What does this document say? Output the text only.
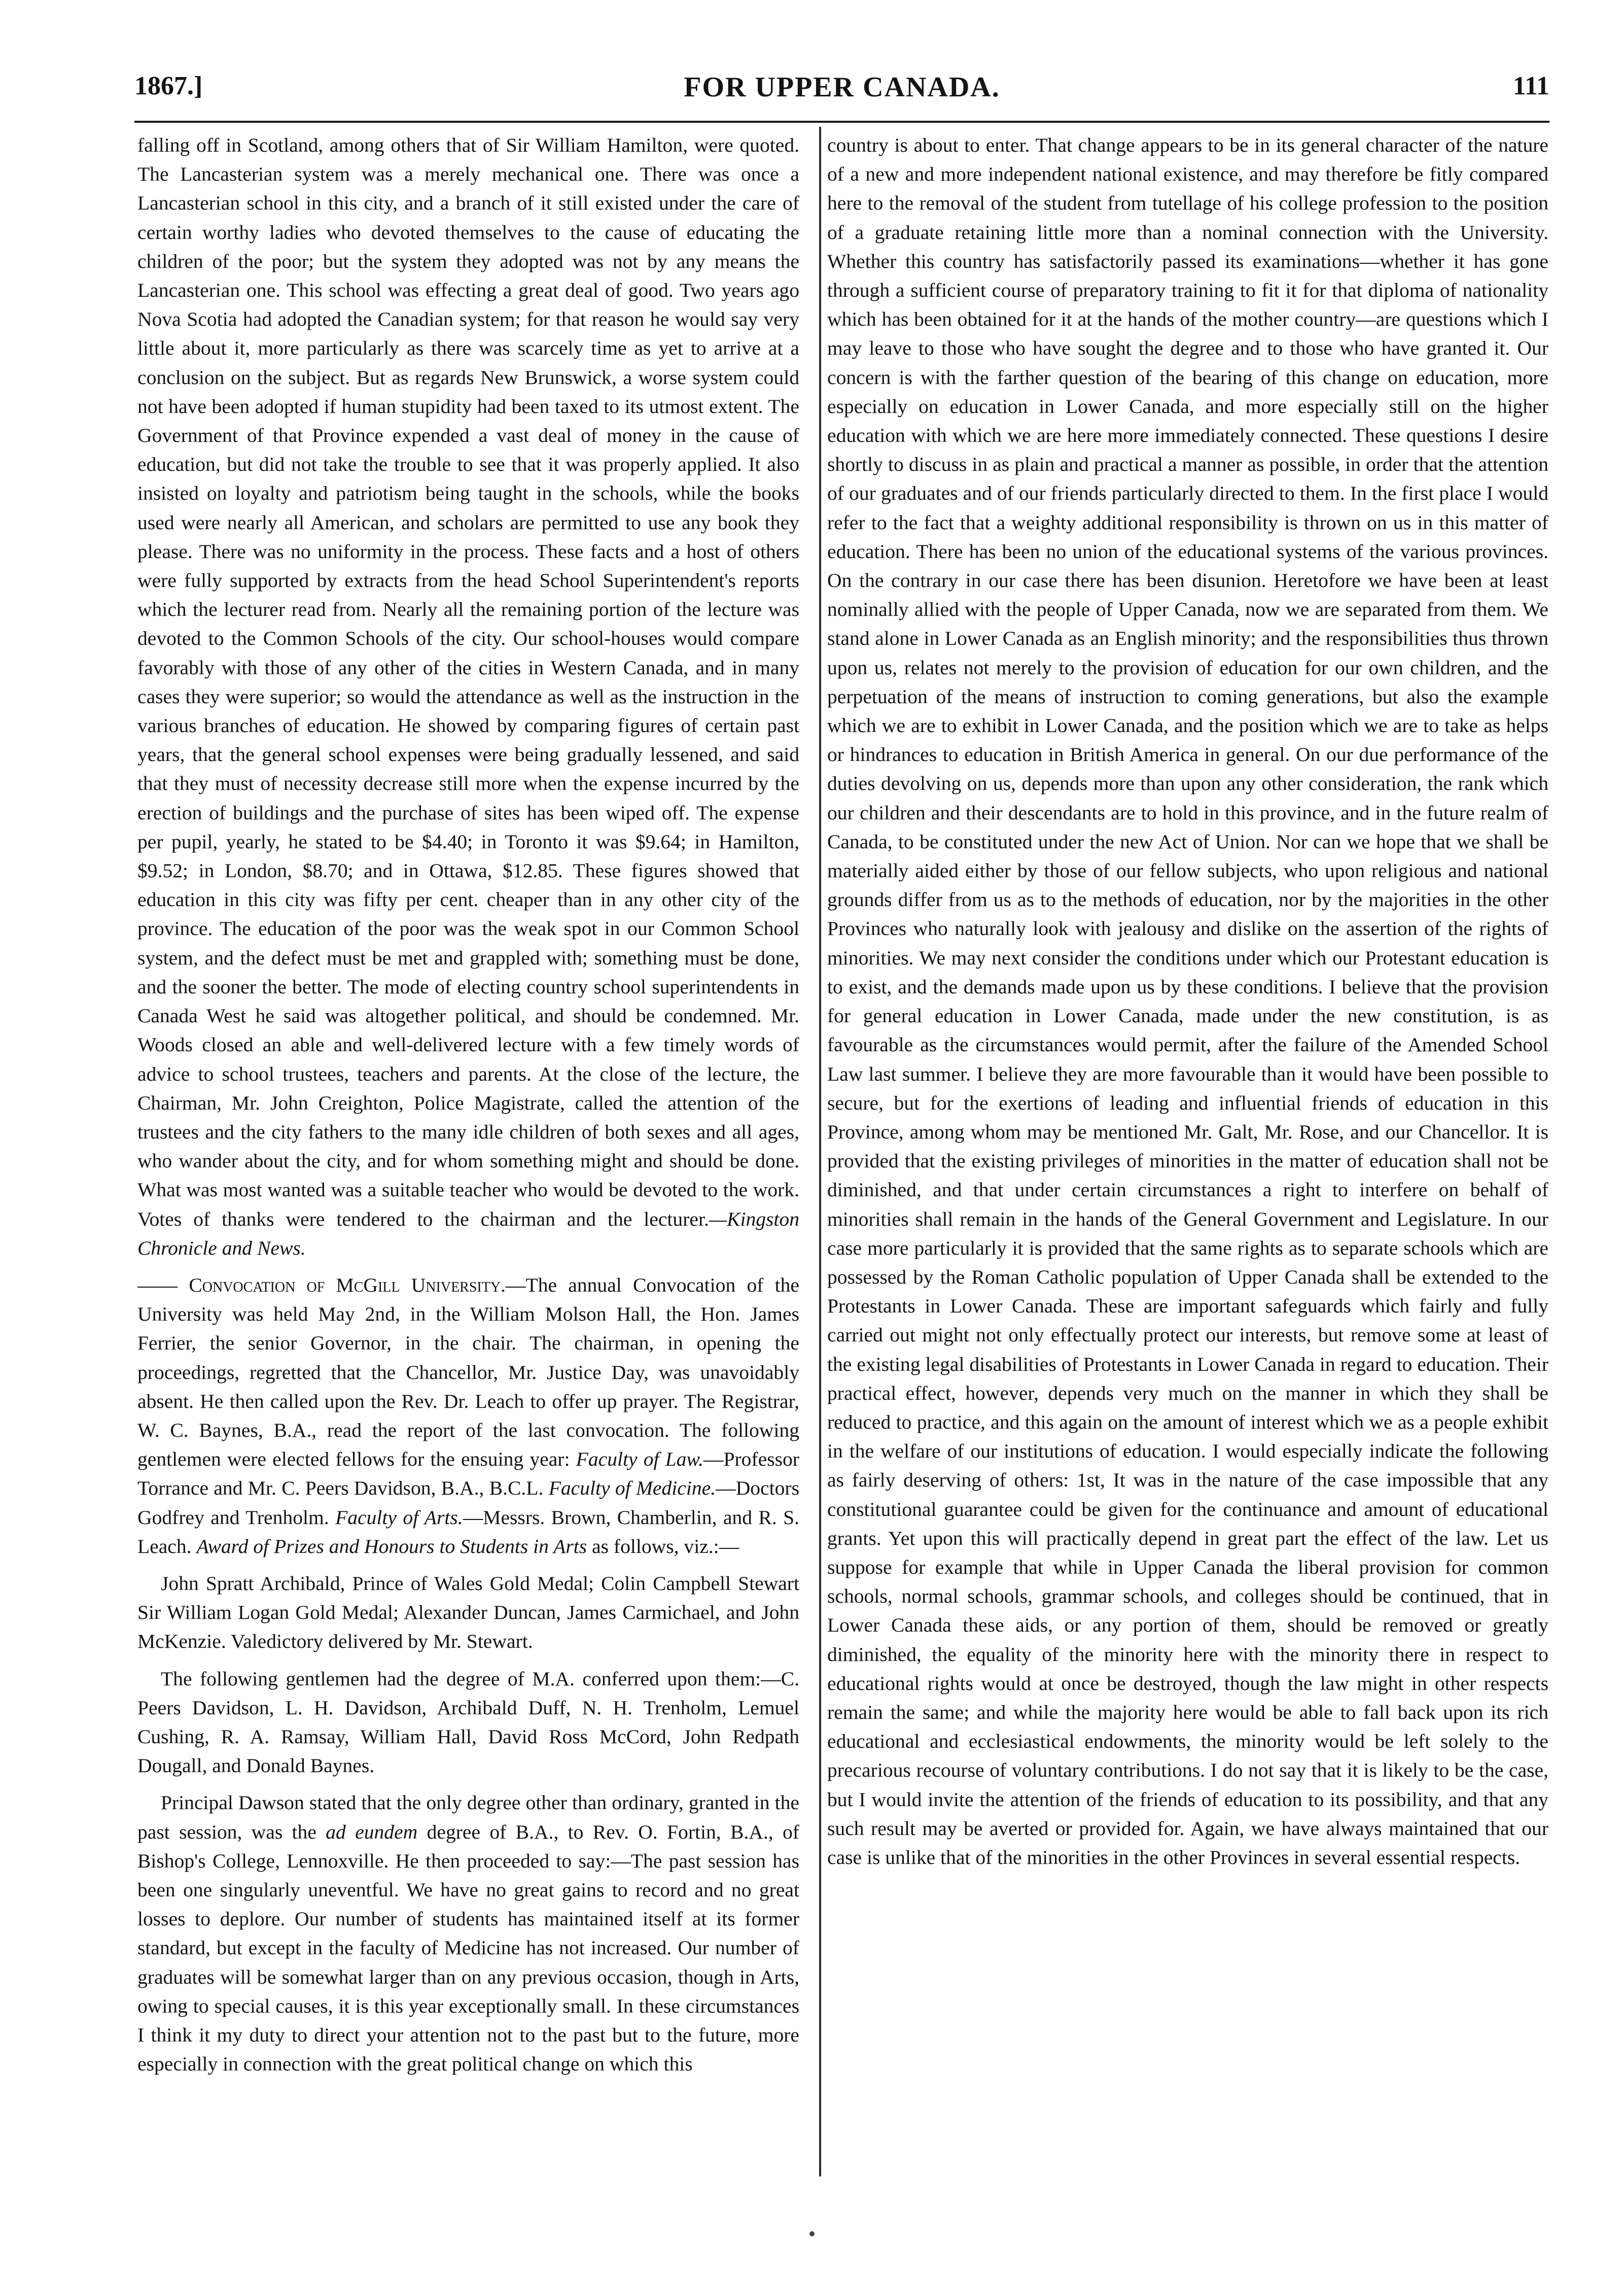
1867.]	FOR UPPER CANADA.	111

falling off in Scotland, among others that of Sir William Hamilton, were quoted. The Lancasterian system was a merely mechanical one. There was once a Lancasterian school in this city, and a branch of it still existed under the care of certain worthy ladies who devoted themselves to the cause of educating the children of the poor; but the system they adopted was not by any means the Lancasterian one. This school was effecting a great deal of good. Two years ago Nova Scotia had adopted the Canadian system; for that reason he would say very little about it, more particularly as there was scarcely time as yet to arrive at a conclusion on the subject. But as regards New Brunswick, a worse system could not have been adopted if human stupidity had been taxed to its utmost extent. The Government of that Province expended a vast deal of money in the cause of education, but did not take the trouble to see that it was properly applied. It also insisted on loyalty and patriotism being taught in the schools, while the books used were nearly all American, and scholars are permitted to use any book they please. There was no uniformity in the process. These facts and a host of others were fully supported by extracts from the head School Superintendent's reports which the lecturer read from. Nearly all the remaining portion of the lecture was devoted to the Common Schools of the city. Our school-houses would compare favorably with those of any other of the cities in Western Canada, and in many cases they were superior; so would the attendance as well as the instruction in the various branches of education. He showed by comparing figures of certain past years, that the general school expenses were being gradually lessened, and said that they must of necessity decrease still more when the expense incurred by the erection of buildings and the purchase of sites has been wiped off. The expense per pupil, yearly, he stated to be $4.40; in Toronto it was $9.64; in Hamilton, $9.52; in London, $8.70; and in Ottawa, $12.85. These figures showed that education in this city was fifty per cent. cheaper than in any other city of the province. The education of the poor was the weak spot in our Common School system, and the defect must be met and grappled with; something must be done, and the sooner the better. The mode of electing country school superintendents in Canada West he said was altogether political, and should be condemned. Mr. Woods closed an able and well-delivered lecture with a few timely words of advice to school trustees, teachers and parents. At the close of the lecture, the Chairman, Mr. John Creighton, Police Magistrate, called the attention of the trustees and the city fathers to the many idle children of both sexes and all ages, who wander about the city, and for whom something might and should be done. What was most wanted was a suitable teacher who would be devoted to the work. Votes of thanks were tendered to the chairman and the lecturer.—Kingston Chronicle and News.

—— Convocation of McGill University.—The annual Convocation of the University was held May 2nd, in the William Molson Hall, the Hon. James Ferrier, the senior Governor, in the chair. The chairman, in opening the proceedings, regretted that the Chancellor, Mr. Justice Day, was unavoidably absent. He then called upon the Rev. Dr. Leach to offer up prayer. The Registrar, W. C. Baynes, B.A., read the report of the last convocation. The following gentlemen were elected fellows for the ensuing year: Faculty of Law.—Professor Torrance and Mr. C. Peers Davidson, B.A., B.C.L. Faculty of Medicine.—Doctors Godfrey and Trenholm. Faculty of Arts.—Messrs. Brown, Chamberlin, and R. S. Leach. Award of Prizes and Honours to Students in Arts as follows, viz.:—

John Spratt Archibald, Prince of Wales Gold Medal; Colin Campbell Stewart Sir William Logan Gold Medal; Alexander Duncan, James Carmichael, and John McKenzie. Valedictory delivered by Mr. Stewart.

The following gentlemen had the degree of M.A. conferred upon them:—C. Peers Davidson, L. H. Davidson, Archibald Duff, N. H. Trenholm, Lemuel Cushing, R. A. Ramsay, William Hall, David Ross McCord, John Redpath Dougall, and Donald Baynes.

Principal Dawson stated that the only degree other than ordinary, granted in the past session, was the ad eundem degree of B.A., to Rev. O. Fortin, B.A., of Bishop's College, Lennoxville. He then proceeded to say:—The past session has been one singularly uneventful. We have no great gains to record and no great losses to deplore. Our number of students has maintained itself at its former standard, but except in the faculty of Medicine has not increased. Our number of graduates will be somewhat larger than on any previous occasion, though in Arts, owing to special causes, it is this year exceptionally small. In these circumstances I think it my duty to direct your attention not to the past but to the future, more especially in connection with the great political change on which this

country is about to enter. That change appears to be in its general character of the nature of a new and more independent national existence, and may therefore be fitly compared here to the removal of the student from tutellage of his college profession to the position of a graduate retaining little more than a nominal connection with the University. Whether this country has satisfactorily passed its examinations—whether it has gone through a sufficient course of preparatory training to fit it for that diploma of nationality which has been obtained for it at the hands of the mother country—are questions which I may leave to those who have sought the degree and to those who have granted it. Our concern is with the farther question of the bearing of this change on education, more especially on education in Lower Canada, and more especially still on the higher education with which we are here more immediately connected. These questions I desire shortly to discuss in as plain and practical a manner as possible, in order that the attention of our graduates and of our friends particularly directed to them. In the first place I would refer to the fact that a weighty additional responsibility is thrown on us in this matter of education. There has been no union of the educational systems of the various provinces. On the contrary in our case there has been disunion. Heretofore we have been at least nominally allied with the people of Upper Canada, now we are separated from them. We stand alone in Lower Canada as an English minority; and the responsibilities thus thrown upon us, relates not merely to the provision of education for our own children, and the perpetuation of the means of instruction to coming generations, but also the example which we are to exhibit in Lower Canada, and the position which we are to take as helps or hindrances to education in British America in general. On our due performance of the duties devolving on us, depends more than upon any other consideration, the rank which our children and their descendants are to hold in this province, and in the future realm of Canada, to be constituted under the new Act of Union. Nor can we hope that we shall be materially aided either by those of our fellow subjects, who upon religious and national grounds differ from us as to the methods of education, nor by the majorities in the other Provinces who naturally look with jealousy and dislike on the assertion of the rights of minorities. We may next consider the conditions under which our Protestant education is to exist, and the demands made upon us by these conditions. I believe that the provision for general education in Lower Canada, made under the new constitution, is as favourable as the circumstances would permit, after the failure of the Amended School Law last summer. I believe they are more favourable than it would have been possible to secure, but for the exertions of leading and influential friends of education in this Province, among whom may be mentioned Mr. Galt, Mr. Rose, and our Chancellor. It is provided that the existing privileges of minorities in the matter of education shall not be diminished, and that under certain circumstances a right to interfere on behalf of minorities shall remain in the hands of the General Government and Legislature. In our case more particularly it is provided that the same rights as to separate schools which are possessed by the Roman Catholic population of Upper Canada shall be extended to the Protestants in Lower Canada. These are important safeguards which fairly and fully carried out might not only effectually protect our interests, but remove some at least of the existing legal disabilities of Protestants in Lower Canada in regard to education. Their practical effect, however, depends very much on the manner in which they shall be reduced to practice, and this again on the amount of interest which we as a people exhibit in the welfare of our institutions of education. I would especially indicate the following as fairly deserving of others: 1st, It was in the nature of the case impossible that any constitutional guarantee could be given for the continuance and amount of educational grants. Yet upon this will practically depend in great part the effect of the law. Let us suppose for example that while in Upper Canada the liberal provision for common schools, normal schools, grammar schools, and colleges should be continued, that in Lower Canada these aids, or any portion of them, should be removed or greatly diminished, the equality of the minority here with the minority there in respect to educational rights would at once be destroyed, though the law might in other respects remain the same; and while the majority here would be able to fall back upon its rich educational and ecclesiastical endowments, the minority would be left solely to the precarious recourse of voluntary contributions. I do not say that it is likely to be the case, but I would invite the attention of the friends of education to its possibility, and that any such result may be averted or provided for. Again, we have always maintained that our case is unlike that of the minorities in the other Provinces in several essential respects.
